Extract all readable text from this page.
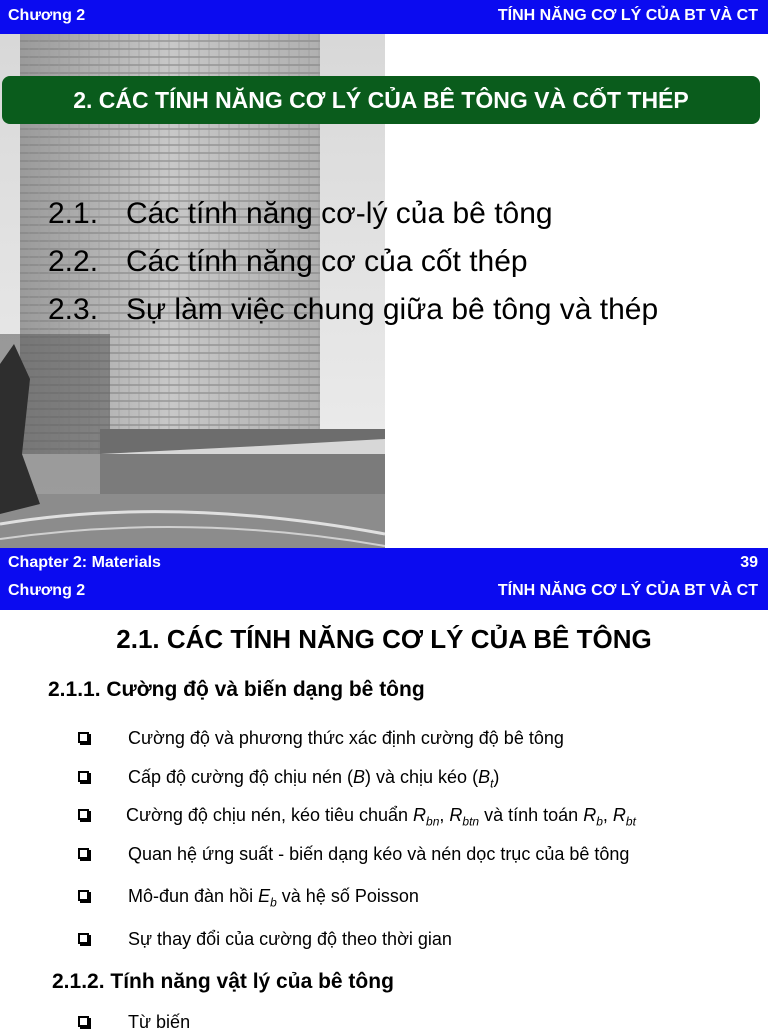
Chương 2	TÍNH NĂNG CƠ LÝ CỦA BT VÀ CT
2. CÁC TÍNH NĂNG CƠ LÝ CỦA BÊ TÔNG VÀ CỐT THÉP
2.1. Các tính năng cơ-lý của bê tông
2.2. Các tính năng cơ của cốt thép
2.3. Sự làm việc chung giữa bê tông và thép
Chapter 2: Materials	39
Chương 2	TÍNH NĂNG CƠ LÝ CỦA BT VÀ CT
2.1. CÁC TÍNH NĂNG CƠ LÝ CỦA BÊ TÔNG
2.1.1. Cường độ và biến dạng bê tông
Cường độ và phương thức xác định cường độ bê tông
Cấp độ cường độ chịu nén (B) và chịu kéo $(B_t)$
Cường độ chịu nén, kéo tiêu chuẩn $R_{bn}$, $R_{btn}$ và tính toán $R_b$, $R_{bt}$
Quan hệ ứng suất - biến dạng kéo và nén dọc trục của bê tông
Mô-đun đàn hồi $E_b$ và hệ số Poisson
Sự thay đổi của cường độ theo thời gian
2.1.2. Tính năng vật lý của bê tông
Từ biến
